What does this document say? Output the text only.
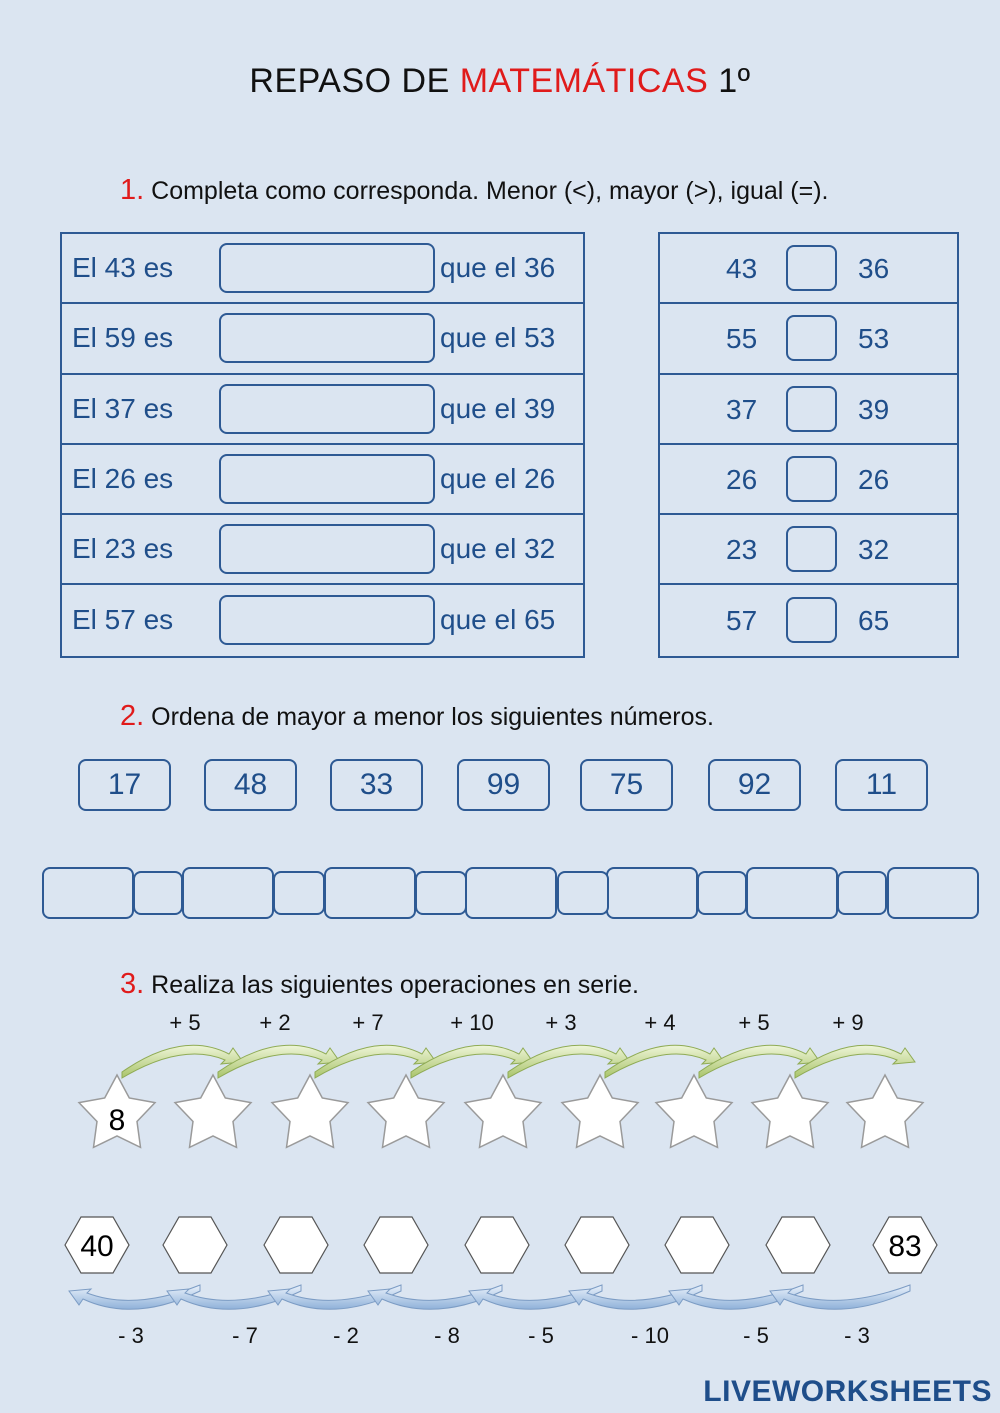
REPASO DE MATEMÁTICAS 1º
1. Completa como corresponda. Menor (<), mayor (>), igual (=).
El 43 es	que el 36
El 59 es	que el 53
El 37 es	que el 39
El 26 es	que el 26
El 23 es	que el 32
El 57 es	que el 65
43	36
55	53
37	39
26	26
23	32
57	65
2. Ordena de mayor a menor los siguientes números.
17	48	33	99	75	92	11
3. Realiza las siguientes operaciones en serie.
+ 5	+ 2	+ 7	+ 10	+ 3	+ 4	+ 5	+ 9
8
40	83
- 3	- 7	- 2	- 8	- 5	- 10	- 5	- 3
LIVEWORKSHEETS
